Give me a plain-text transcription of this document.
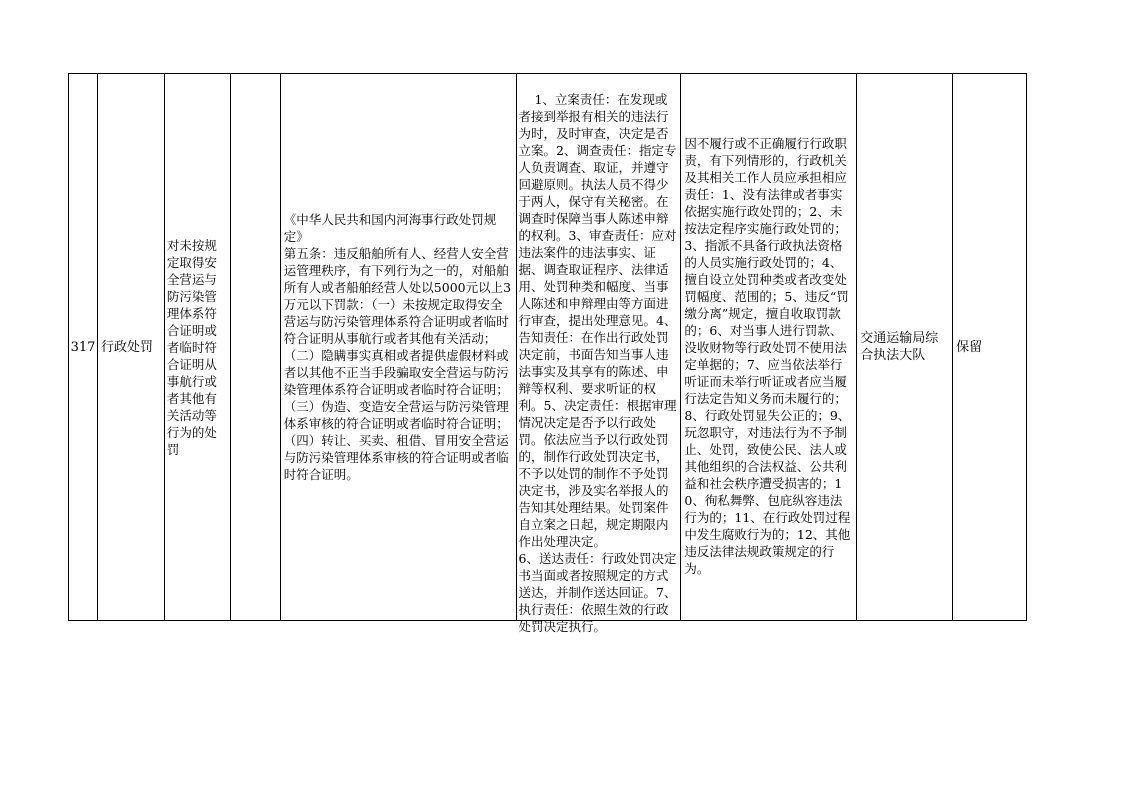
317 行政处罚
对未按规定取得安全营运与防污染管理体系符合证明或者临时符合证明从事航行或者其他有关活动等行为的处罚

《中华人民共和国内河海事行政处罚规定》
第五条：违反船舶所有人、经营人安全营运管理秩序，有下列行为之一的，对船舶所有人或者船舶经营人处以5000元以上3万元以下罚款：（一）未按规定取得安全营运与防污染管理体系符合证明或者临时符合证明从事航行或者其他有关活动；（二）隐瞒事实真相或者提供虚假材料或者以其他不正当手段骗取安全营运与防污染管理体系符合证明或者临时符合证明；（三）伪造、变造安全营运与防污染管理体系审核的符合证明或者临时符合证明；（四）转让、买卖、租借、冒用安全营运与防污染管理体系审核的符合证明或者临时符合证明。

1、立案责任：在发现或者接到举报有相关的违法行为时，及时审查，决定是否立案。2、调查责任：指定专人负责调查、取证，并遵守回避原则。执法人员不得少于两人，保守有关秘密。在调查时保障当事人陈述申辩的权利。3、审查责任：应对违法案件的违法事实、证据、调查取证程序、法律适用、处罚种类和幅度、当事人陈述和申辩理由等方面进行审查，提出处理意见。4、告知责任：在作出行政处罚决定前，书面告知当事人违法事实及其享有的陈述、申辩等权利、要求听证的权利。5、决定责任：根据审理情况决定是否予以行政处罚。依法应当予以行政处罚的，制作行政处罚决定书，不予以处罚的制作不予处罚决定书，涉及实名举报人的告知其处理结果。处罚案件自立案之日起，规定期限内作出处理决定。
6、送达责任：行政处罚决定书当面或者按照规定的方式送达，并制作送达回证。7、执行责任：依照生效的行政处罚决定执行。

因不履行或不正确履行行政职责，有下列情形的，行政机关及其相关工作人员应承担相应责任：1、没有法律或者事实依据实施行政处罚的；2、未按法定程序实施行政处罚的；3、指派不具备行政执法资格的人员实施行政处罚的；4、擅自设立处罚种类或者改变处罚幅度、范围的；5、违反“罚缴分离”规定，擅自收取罚款的；6、对当事人进行罚款、没收财物等行政处罚不使用法定单据的；7、应当依法举行听证而未举行听证或者应当履行法定告知义务而未履行的；8、行政处罚显失公正的；9、玩忽职守，对违法行为不予制止、处罚，致使公民、法人或其他组织的合法权益、公共利益和社会秩序遭受损害的；10、徇私舞弊、包庇纵容违法行为的；11、在行政处罚过程中发生腐败行为的；12、其他违反法律法规政策规定的行为。
交通运输局综合执法大队
保留
